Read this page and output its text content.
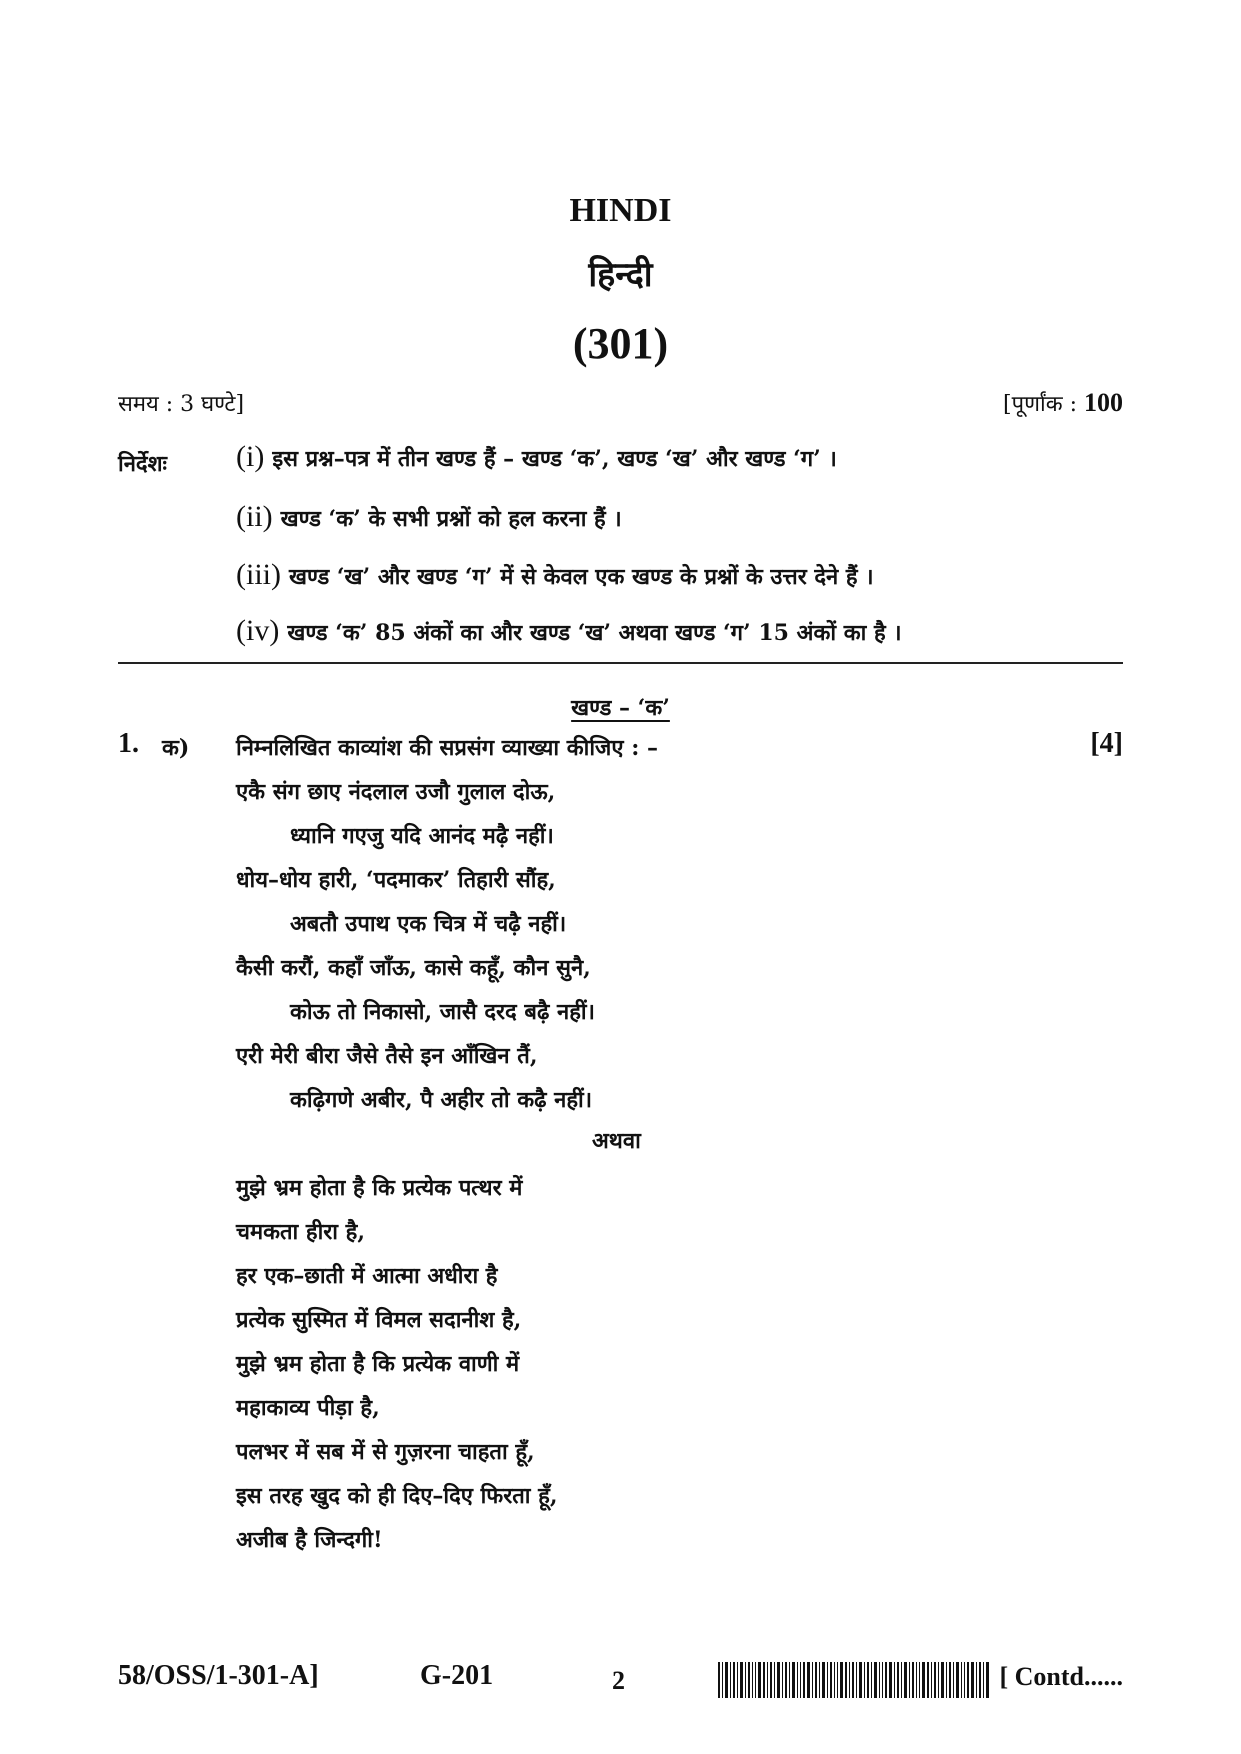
HINDI
हिन्दी
(301)
समय : 3 घण्टे]	[पूर्णांक : 100
निर्देशः (i) इस प्रश्न–पत्र में तीन खण्ड हैं – खण्ड ‘क’, खण्ड ‘ख’ और खण्ड ‘ग’ ।
(ii) खण्ड ‘क’ के सभी प्रश्नों को हल करना हैं ।
(iii) खण्ड ‘ख’ और खण्ड ‘ग’ में से केवल एक खण्ड के प्रश्नों के उत्तर देने हैं ।
(iv) खण्ड ‘क’ 85 अंकों का और खण्ड ‘ख’ अथवा खण्ड ‘ग’ 15 अंकों का है ।
खण्ड – ‘क’
1. क) निम्नलिखित काव्यांश की सप्रसंग व्याख्या कीजिए : –	[4]
एकै संग छाए नंदलाल उजौ गुलाल दोऊ,
ध्यानि गएजु यदि आनंद मढ़ै नहीं।
धोय–धोय हारी, ‘पदमाकर’ तिहारी सौंह,
अबतौ उपाथ एक चित्र में चढ़ै नहीं।
कैसी करौं, कहाँ जाँऊ, कासे कहूँ, कौन सुनै,
कोऊ तो निकासो, जासै दरद बढ़ै नहीं।
एरी मेरी बीरा जैसे तैसे इन आँखिन तैं,
कढ़िगणे अबीर, पै अहीर तो कढ़ै नहीं।
अथवा
मुझे भ्रम होता है कि प्रत्येक पत्थर में
चमकता हीरा है,
हर एक–छाती में आत्मा अधीरा है
प्रत्येक सुस्मित में विमल सदानीश है,
मुझे भ्रम होता है कि प्रत्येक वाणी में
महाकाव्य पीड़ा है,
पलभर में सब में से गुज़रना चाहता हूँ,
इस तरह खुद को ही दिए–दिए फिरता हूँ,
अजीब है जिन्दगी!
58/OSS/1-301-A]	G-201	2	[ Contd......
